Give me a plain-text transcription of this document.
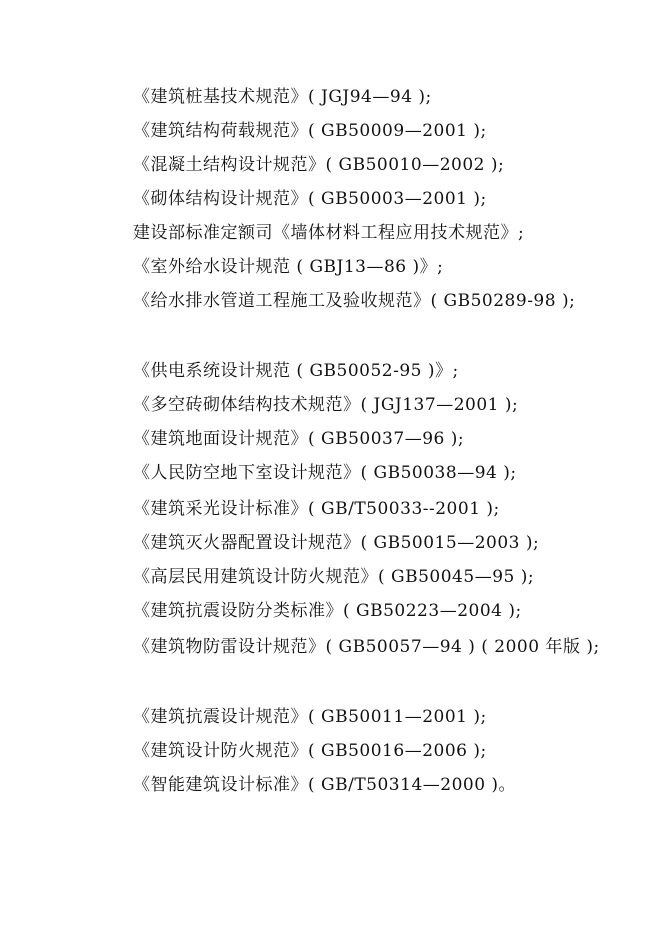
《建筑桩基技术规范》( JGJ94—94 );
《建筑结构荷载规范》( GB50009—2001 );
《混凝土结构设计规范》( GB50010—2002 );
《砌体结构设计规范》( GB50003—2001 );
建设部标准定额司《墙体材料工程应用技术规范》;
《室外给水设计规范 ( GBJ13—86 )》;
《给水排水管道工程施工及验收规范》( GB50289-98 );
《供电系统设计规范 ( GB50052-95 )》;
《多空砖砌体结构技术规范》( JGJ137—2001 );
《建筑地面设计规范》( GB50037—96 );
《人民防空地下室设计规范》( GB50038—94 );
《建筑采光设计标准》( GB/T50033--2001 );
《建筑灭火器配置设计规范》( GB50015—2003 );
《高层民用建筑设计防火规范》( GB50045—95 );
《建筑抗震设防分类标准》( GB50223—2004 );
《建筑物防雷设计规范》( GB50057—94 ) ( 2000 年版 );
《建筑抗震设计规范》( GB50011—2001 );
《建筑设计防火规范》( GB50016—2006 );
《智能建筑设计标准》( GB/T50314—2000 )。
